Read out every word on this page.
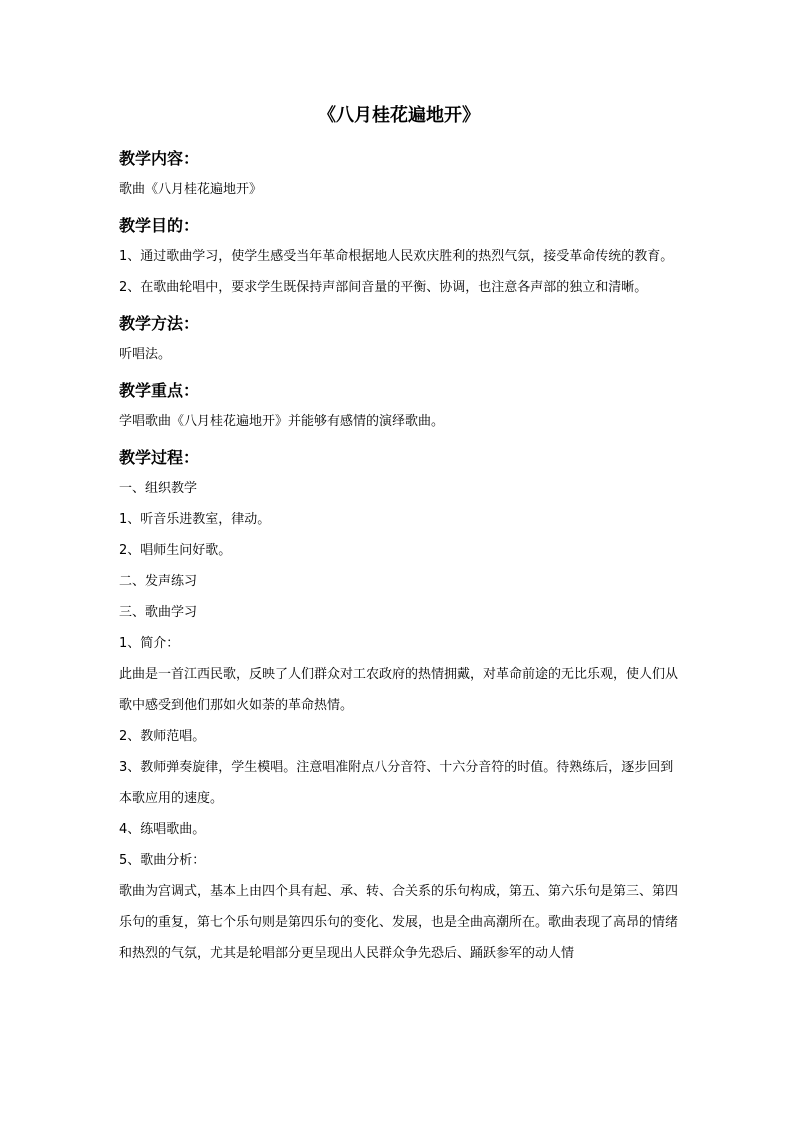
《八月桂花遍地开》
教学内容：
歌曲《八月桂花遍地开》
教学目的：
1、通过歌曲学习，使学生感受当年革命根据地人民欢庆胜利的热烈气氛，接受革命传统的教育。
2、在歌曲轮唱中，要求学生既保持声部间音量的平衡、协调，也注意各声部的独立和清晰。
教学方法：
听唱法。
教学重点：
学唱歌曲《八月桂花遍地开》并能够有感情的演绎歌曲。
教学过程：
一、组织教学
1、听音乐进教室，律动。
2、唱师生问好歌。
二、发声练习
三、歌曲学习
1、简介：
此曲是一首江西民歌，反映了人们群众对工农政府的热情拥戴，对革命前途的无比乐观，使人们从歌中感受到他们那如火如荼的革命热情。
2、教师范唱。
3、教师弹奏旋律，学生模唱。注意唱准附点八分音符、十六分音符的时值。待熟练后，逐步回到本歌应用的速度。
4、练唱歌曲。
5、歌曲分析：
歌曲为宫调式，基本上由四个具有起、承、转、合关系的乐句构成，第五、第六乐句是第三、第四乐句的重复，第七个乐句则是第四乐句的变化、发展，也是全曲高潮所在。歌曲表现了高昂的情绪和热烈的气氛，尤其是轮唱部分更呈现出人民群众争先恐后、踊跃参军的动人情
